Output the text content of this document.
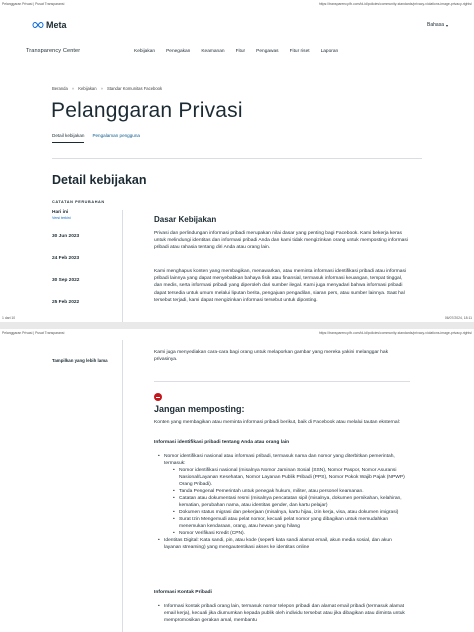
Pelanggaran Privasi | Pusat Transparansi	https://transparency.fb.com/id-id/policies/community-standards/privacy-violations-image-privacy-rights/
Meta	Bahasa ▾
Transparency Center	Kebijakan Penegakan Keamanan Fitur Pengawas Fitur riset Laporan
Beranda » Kebijakan » Standar Komunitas Facebook
Pelanggaran Privasi
Detail kebijakan Pengalaman pengguna
Detail kebijakan
CATATAN PERUBAHAN
Hari ini
Versi terkini
30 Jun 2023
24 Feb 2023
30 Sep 2022
25 Feb 2022
Dasar Kebijakan

Privasi dan perlindungan informasi pribadi merupakan nilai dasar yang penting bagi Facebook. Kami bekerja keras untuk melindungi identitas dan informasi pribadi Anda dan kami tidak mengizinkan orang untuk memposting informasi pribadi atau rahasia tentang diri Anda atau orang lain.

Kami menghapus konten yang membagikan, menawarkan, atau meminta informasi identifikasi pribadi atau informasi pribadi lainnya yang dapat menyebabkan bahaya fisik atau finansial, termasuk informasi keuangan, tempat tinggal, dan medis, serta informasi pribadi yang diperoleh dari sumber ilegal. Kami juga menyadari bahwa informasi pribadi dapat tersedia untuk umum melalui liputan berita, pengajuan pengadilan, siaran pers, atau sumber lainnya. Saat hal tersebut terjadi, kami dapat mengizinkan informasi tersebut untuk diposting.

1 dari 10	06/07/2024, 18:11
Pelanggaran Privasi | Pusat Transparansi	https://transparency.fb.com/id-id/policies/community-standards/privacy-violations-image-privacy-rights/
Tampilkan yang lebih lama

Kami juga menyediakan cara-cara bagi orang untuk melaporkan gambar yang mereka yakini melanggar hak privasinya.

Jangan memposting:

Konten yang membagikan atau meminta informasi pribadi berikut, baik di Facebook atau melalui tautan eksternal:

Informasi identifikasi pribadi tentang Anda atau orang lain
• Nomor identifikasi nasional atau informasi pribadi, termasuk nama dan nomor yang diterbitkan pemerintah, termasuk:
• Nomor identifikasi nasional (misalnya Nomor Jaminan Sosial (SSN), Nomor Paspor, Nomor Asuransi Nasional/Layanan Kesehatan, Nomor Layanan Publik Pribadi (PPS), Nomor Pokok Wajib Pajak (NPWP) Orang Pribadi).
• Tanda Pengenal Pemerintah untuk penegak hukum, militer, atau personel keamanan.
• Catatan atau dokumentasi resmi (misalnya pencatatan sipil (misalnya, dokumen pernikahan, kelahiran, kematian, perubahan nama, atau identitas gender, dan kartu pelajar)
• Dokumen status migrasi dan pekerjaan (misalnya, kartu hijau, izin kerja, visa, atau dokumen imigrasi)
• Surat Izin Mengemudi atau pelat nomor, kecuali pelat nomor yang dibagikan untuk memudahkan menemukan kendaraan, orang, atau hewan yang hilang
• Nomor Verifikasi Kredit (CPN).
• Identitas Digital: Kata sandi, pin, atau kode (seperti kata sandi alamat email, akun media sosial, dan akun layanan streaming) yang mengautentikasi akses ke identitas online
Informasi Kontak Pribadi
• Informasi kontak pribadi orang lain, termasuk nomor telepon pribadi dan alamat email pribadi (termasuk alamat email kerja), kecuali jika diumumkan kepada publik oleh individu tersebut atau jika dibagikan atau diminta untuk mempromosikan gerakan amal, membantu
